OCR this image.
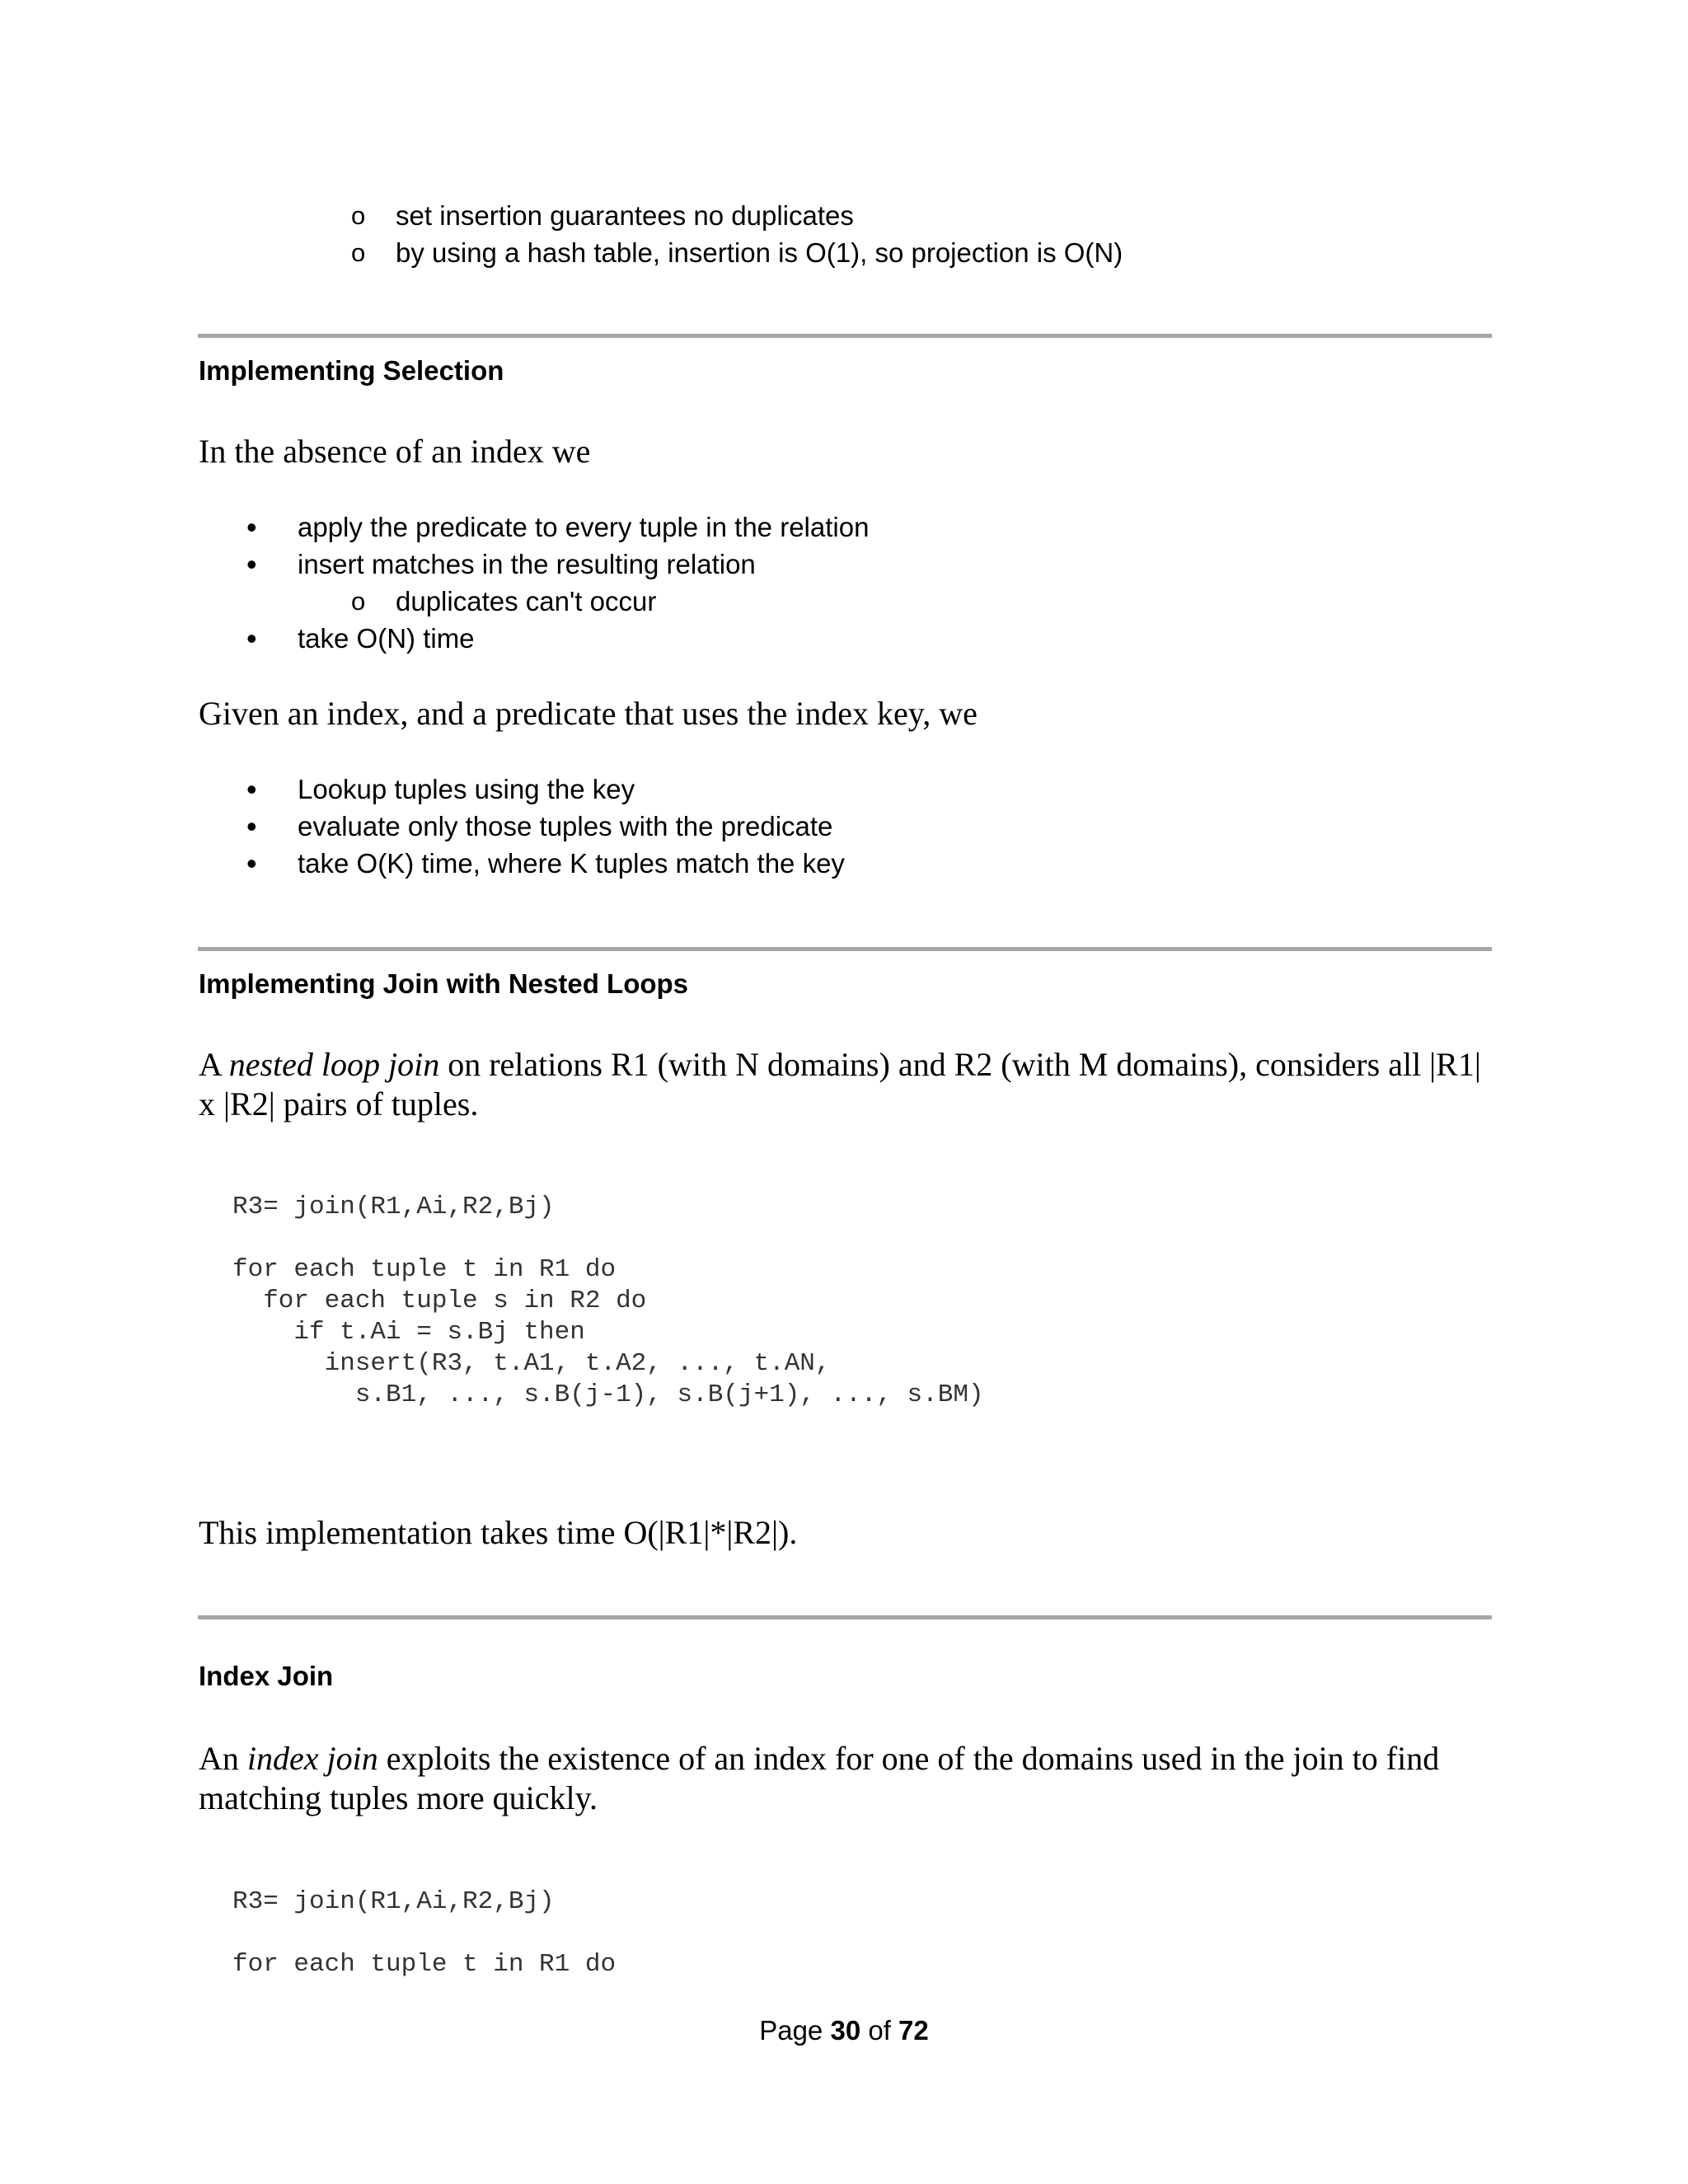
o set insertion guarantees no duplicates
o by using a hash table, insertion is O(1), so projection is O(N)
Implementing Selection
In the absence of an index we
• apply the predicate to every tuple in the relation
• insert matches in the resulting relation
o duplicates can't occur
• take O(N) time
Given an index, and a predicate that uses the index key, we
• Lookup tuples using the key
• evaluate only those tuples with the predicate
• take O(K) time, where K tuples match the key
Implementing Join with Nested Loops
A nested loop join on relations R1 (with N domains) and R2 (with M domains), considers all |R1| x |R2| pairs of tuples.
R3= join(R1,Ai,R2,Bj)

for each tuple t in R1 do
for each tuple s in R2 do
if t.Ai = s.Bj then
insert(R3, t.A1, t.A2, ..., t.AN,
s.B1, ..., s.B(j-1), s.B(j+1), ..., s.BM)
This implementation takes time O(|R1|*|R2|).
Index Join
An index join exploits the existence of an index for one of the domains used in the join to find matching tuples more quickly.
R3= join(R1,Ai,R2,Bj)

for each tuple t in R1 do
Page 30 of 72
